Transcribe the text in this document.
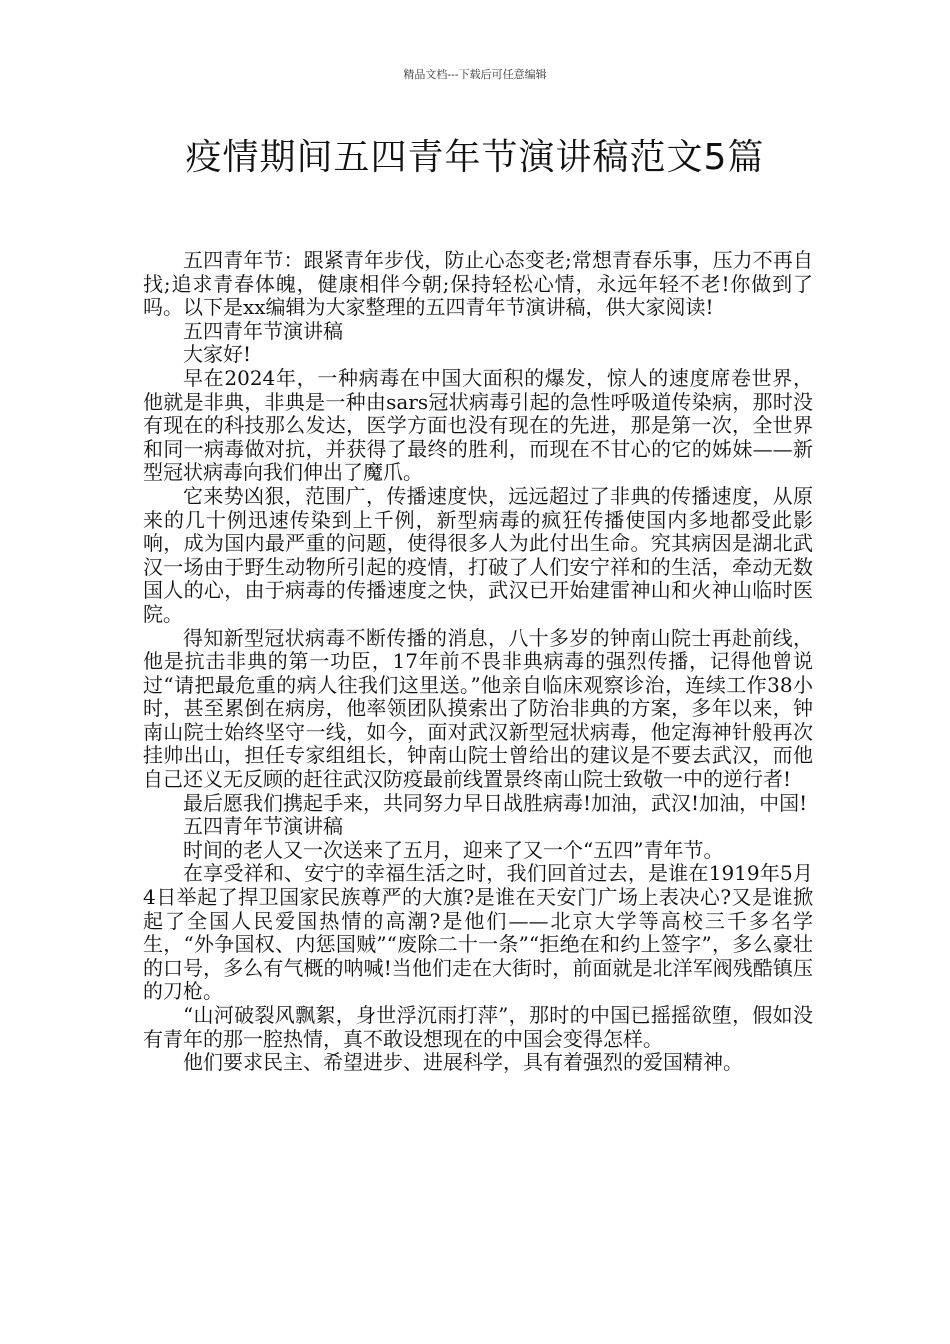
精品文档---下载后可任意编辑
疫情期间五四青年节演讲稿范文5篇

五四青年节：跟紧青年步伐，防止心态变老;常想青春乐事，压力不再自找;追求青春体魄，健康相伴今朝;保持轻松心情，永远年轻不老!你做到了吗。以下是xx编辑为大家整理的五四青年节演讲稿，供大家阅读!

五四青年节演讲稿

大家好!

早在2024年，一种病毒在中国大面积的爆发，惊人的速度席卷世界，他就是非典，非典是一种由sars冠状病毒引起的急性呼吸道传染病，那时没有现在的科技那么发达，医学方面也没有现在的先进，那是第一次，全世界和同一病毒做对抗，并获得了最终的胜利，而现在不甘心的它的姊妹——新型冠状病毒向我们伸出了魔爪。

它来势凶狠，范围广，传播速度快，远远超过了非典的传播速度，从原来的几十例迅速传染到上千例，新型病毒的疯狂传播使国内多地都受此影响，成为国内最严重的问题，使得很多人为此付出生命。究其病因是湖北武汉一场由于野生动物所引起的疫情，打破了人们安宁祥和的生活，牵动无数国人的心，由于病毒的传播速度之快，武汉已开始建雷神山和火神山临时医院。

得知新型冠状病毒不断传播的消息，八十多岁的钟南山院士再赴前线，他是抗击非典的第一功臣，17年前不畏非典病毒的强烈传播，记得他曾说过“请把最危重的病人往我们这里送。”他亲自临床观察诊治，连续工作38小时，甚至累倒在病房，他率领团队摸索出了防治非典的方案，多年以来，钟南山院士始终坚守一线，如今，面对武汉新型冠状病毒，他定海神针般再次挂帅出山，担任专家组组长，钟南山院士曾给出的建议是不要去武汉，而他自己还义无反顾的赶往武汉防疫最前线置景终南山院士致敬一中的逆行者!

最后愿我们携起手来，共同努力早日战胜病毒!加油，武汉!加油，中国!

五四青年节演讲稿

时间的老人又一次送来了五月，迎来了又一个“五四”青年节。

在享受祥和、安宁的幸福生活之时，我们回首过去，是谁在1919年5月4日举起了捍卫国家民族尊严的大旗?是谁在天安门广场上表决心?又是谁掀起了全国人民爱国热情的高潮?是他们——北京大学等高校三千多名学生，“外争国权、内惩国贼”“废除二十一条”“拒绝在和约上签字”，多么豪壮的口号，多么有气概的呐喊!当他们走在大街时，前面就是北洋军阀残酷镇压的刀枪。

“山河破裂风飘絮，身世浮沉雨打萍”，那时的中国已摇摇欲堕，假如没有青年的那一腔热情，真不敢设想现在的中国会变得怎样。

他们要求民主、希望进步、进展科学，具有着强烈的爱国精神。
